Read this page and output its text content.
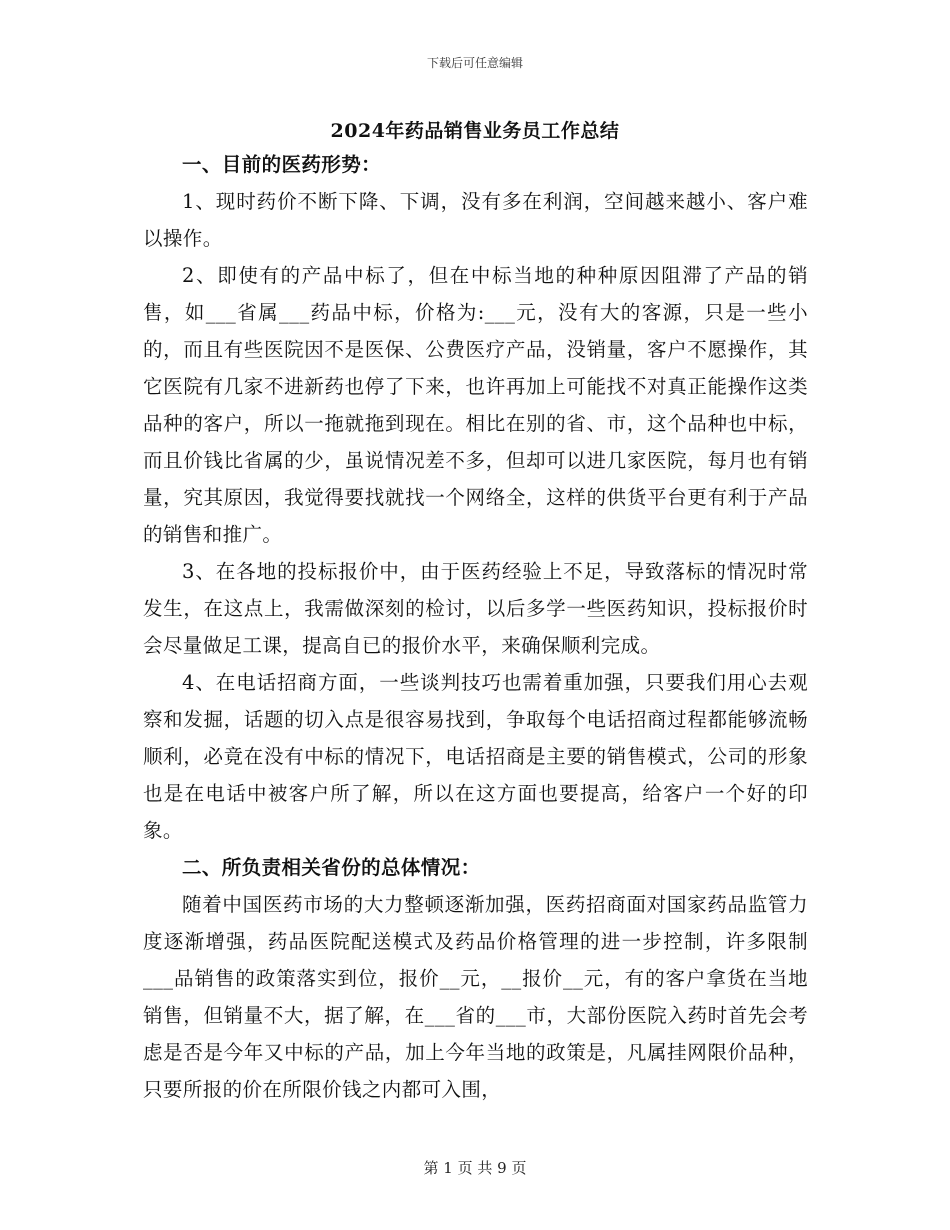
下载后可任意编辑
2024年药品销售业务员工作总结

一、目前的医药形势：

1、现时药价不断下降、下调，没有多在利润，空间越来越小、客户难以操作。

2、即使有的产品中标了，但在中标当地的种种原因阻滞了产品的销售，如___省属___药品中标，价格为:___元，没有大的客源，只是一些小的，而且有些医院因不是医保、公费医疗产品，没销量，客户不愿操作，其它医院有几家不进新药也停了下来，也许再加上可能找不对真正能操作这类品种的客户，所以一拖就拖到现在。相比在别的省、市，这个品种也中标，而且价钱比省属的少，虽说情况差不多，但却可以进几家医院，每月也有销量，究其原因，我觉得要找就找一个网络全，这样的供货平台更有利于产品的销售和推广。

3、在各地的投标报价中，由于医药经验上不足，导致落标的情况时常发生，在这点上，我需做深刻的检讨，以后多学一些医药知识，投标报价时会尽量做足工课，提高自已的报价水平，来确保顺利完成。

4、在电话招商方面，一些谈判技巧也需着重加强，只要我们用心去观察和发掘，话题的切入点是很容易找到，争取每个电话招商过程都能够流畅顺利，必竟在没有中标的情况下，电话招商是主要的销售模式，公司的形象也是在电话中被客户所了解，所以在这方面也要提高，给客户一个好的印象。

二、所负责相关省份的总体情况：

随着中国医药市场的大力整顿逐渐加强，医药招商面对国家药品监管力度逐渐增强，药品医院配送模式及药品价格管理的进一步控制，许多限制___品销售的政策落实到位，报价__元，__报价__元，有的客户拿货在当地销售，但销量不大，据了解，在___省的___市，大部份医院入药时首先会考虑是否是今年又中标的产品，加上今年当地的政策是，凡属挂网限价品种，只要所报的价在所限价钱之内都可入围，

第 1 页 共 9 页
